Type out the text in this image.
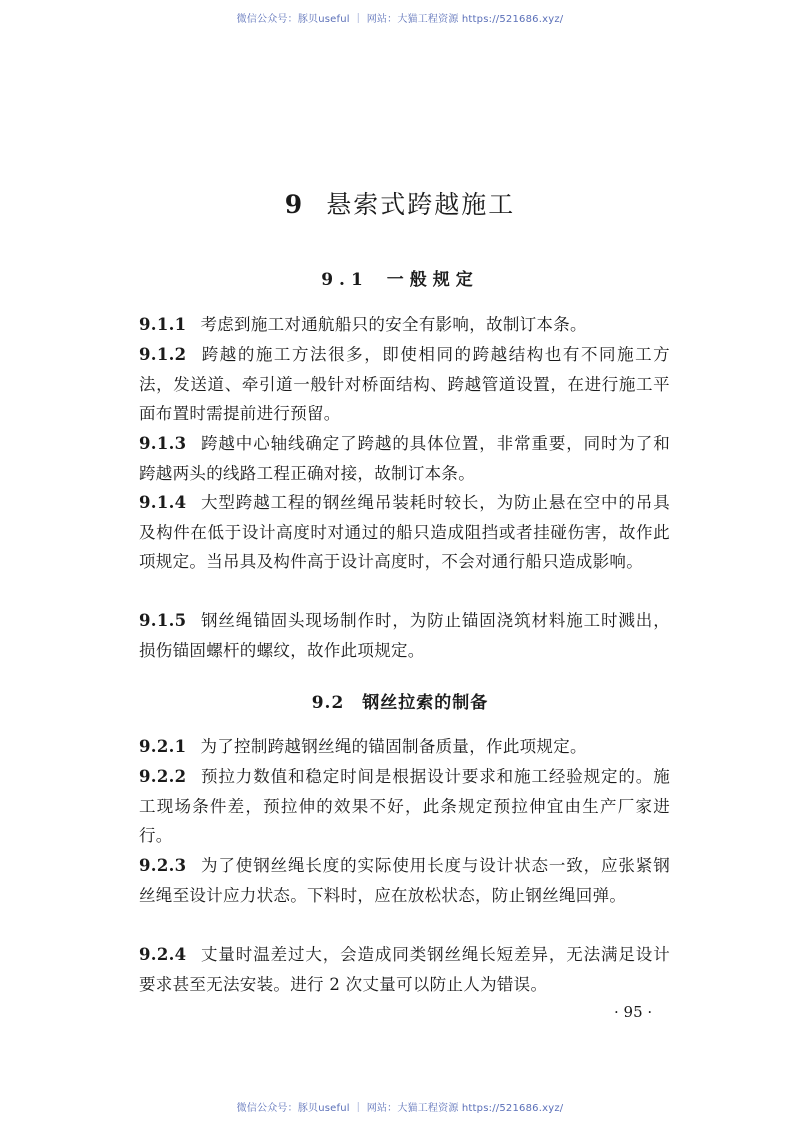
微信公众号：豚贝useful ｜ 网站：大猫工程资源 https://521686.xyz/
9 悬索式跨越施工
9.1 一般规定
9.1.1 考虑到施工对通航船只的安全有影响，故制订本条。
9.1.2 跨越的施工方法很多，即使相同的跨越结构也有不同施工方法，发送道、牵引道一般针对桥面结构、跨越管道设置，在进行施工平面布置时需提前进行预留。
9.1.3 跨越中心轴线确定了跨越的具体位置，非常重要，同时为了和跨越两头的线路工程正确对接，故制订本条。
9.1.4 大型跨越工程的钢丝绳吊装耗时较长，为防止悬在空中的吊具及构件在低于设计高度时对通过的船只造成阻挡或者挂碰伤害，故作此项规定。当吊具及构件高于设计高度时，不会对通行船只造成影响。
9.1.5 钢丝绳锚固头现场制作时，为防止锚固浇筑材料施工时溅出，损伤锚固螺杆的螺纹，故作此项规定。
9.2 钢丝拉索的制备
9.2.1 为了控制跨越钢丝绳的锚固制备质量，作此项规定。
9.2.2 预拉力数值和稳定时间是根据设计要求和施工经验规定的。施工现场条件差，预拉伸的效果不好，此条规定预拉伸宜由生产厂家进行。
9.2.3 为了使钢丝绳长度的实际使用长度与设计状态一致，应张紧钢丝绳至设计应力状态。下料时，应在放松状态，防止钢丝绳回弹。
9.2.4 丈量时温差过大，会造成同类钢丝绳长短差异，无法满足设计要求甚至无法安装。进行 2 次丈量可以防止人为错误。
· 95 ·
微信公众号：豚贝useful ｜ 网站：大猫工程资源 https://521686.xyz/
